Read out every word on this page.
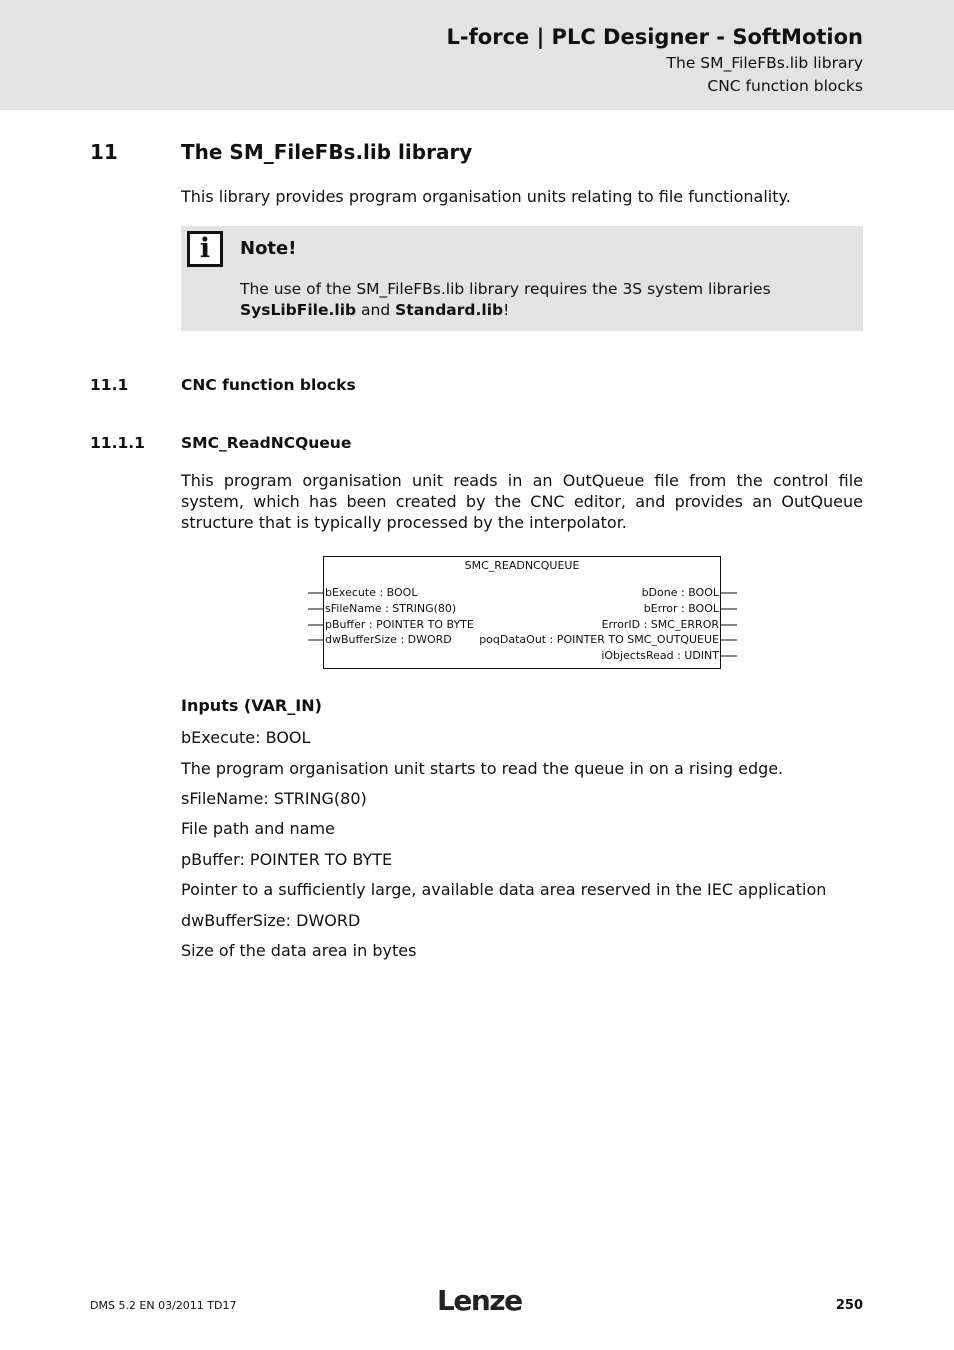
L-force | PLC Designer - SoftMotion
The SM_FileFBs.lib library
CNC function blocks
11	The SM_FileFBs.lib library
This library provides program organisation units relating to file functionality.
i	Note!
The use of the SM_FileFBs.lib library requires the 3S system libraries SysLibFile.lib and Standard.lib!
11.1	CNC function blocks
11.1.1 SMC_ReadNCQueue
This program organisation unit reads in an OutQueue file from the control file system, which has been created by the CNC editor, and provides an OutQueue structure that is typically processed by the interpolator.
SMC_READNCQUEUE
bExecute : BOOL
sFileName : STRING(80)
pBuffer : POINTER TO BYTE
dwBufferSize : DWORD
bDone : BOOL
bError : BOOL
ErrorID : SMC_ERROR
poqDataOut : POINTER TO SMC_OUTQUEUE
iObjectsRead : UDINT
Inputs (VAR_IN)
bExecute: BOOL
The program organisation unit starts to read the queue in on a rising edge.
sFileName: STRING(80)
File path and name
pBuffer: POINTER TO BYTE
Pointer to a sufficiently large, available data area reserved in the IEC application
dwBufferSize: DWORD
Size of the data area in bytes
DMS 5.2 EN 03/2011 TD17	Lenze	250
